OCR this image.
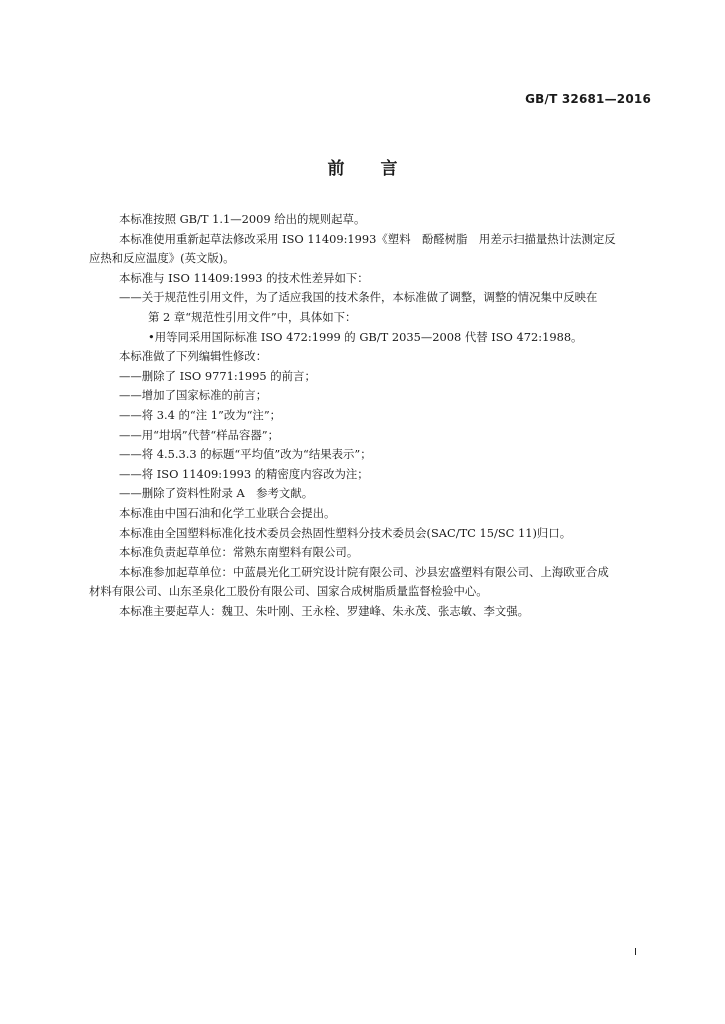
GB/T 32681—2016
前言

本标准按照 GB/T 1.1—2009 给出的规则起草。

本标准使用重新起草法修改采用 ISO 11409:1993《塑料　酚醛树脂　用差示扫描量热计法测定反
应热和反应温度》(英文版)。

本标准与 ISO 11409:1993 的技术性差异如下：

——关于规范性引用文件，为了适应我国的技术条件，本标准做了调整，调整的情况集中反映在
第 2 章“规范性引用文件”中，具体如下：

•用等同采用国际标准 ISO 472:1999 的 GB/T 2035—2008 代替 ISO 472:1988。

本标准做了下列编辑性修改：

——删除了 ISO 9771:1995 的前言；

——增加了国家标准的前言；

——将 3.4 的“注 1”改为“注”；

——用“坩埚”代替“样品容器”；

——将 4.5.3.3 的标题“平均值”改为“结果表示”；

——将 ISO 11409:1993 的精密度内容改为注；

——删除了资料性附录 A　参考文献。

本标准由中国石油和化学工业联合会提出。

本标准由全国塑料标准化技术委员会热固性塑料分技术委员会(SAC/TC 15/SC 11)归口。

本标准负责起草单位：常熟东南塑料有限公司。

本标准参加起草单位：中蓝晨光化工研究设计院有限公司、沙县宏盛塑料有限公司、上海欧亚合成
材料有限公司、山东圣泉化工股份有限公司、国家合成树脂质量监督检验中心。

本标准主要起草人：魏卫、朱叶刚、王永栓、罗建峰、朱永茂、张志敏、李文强。

I
